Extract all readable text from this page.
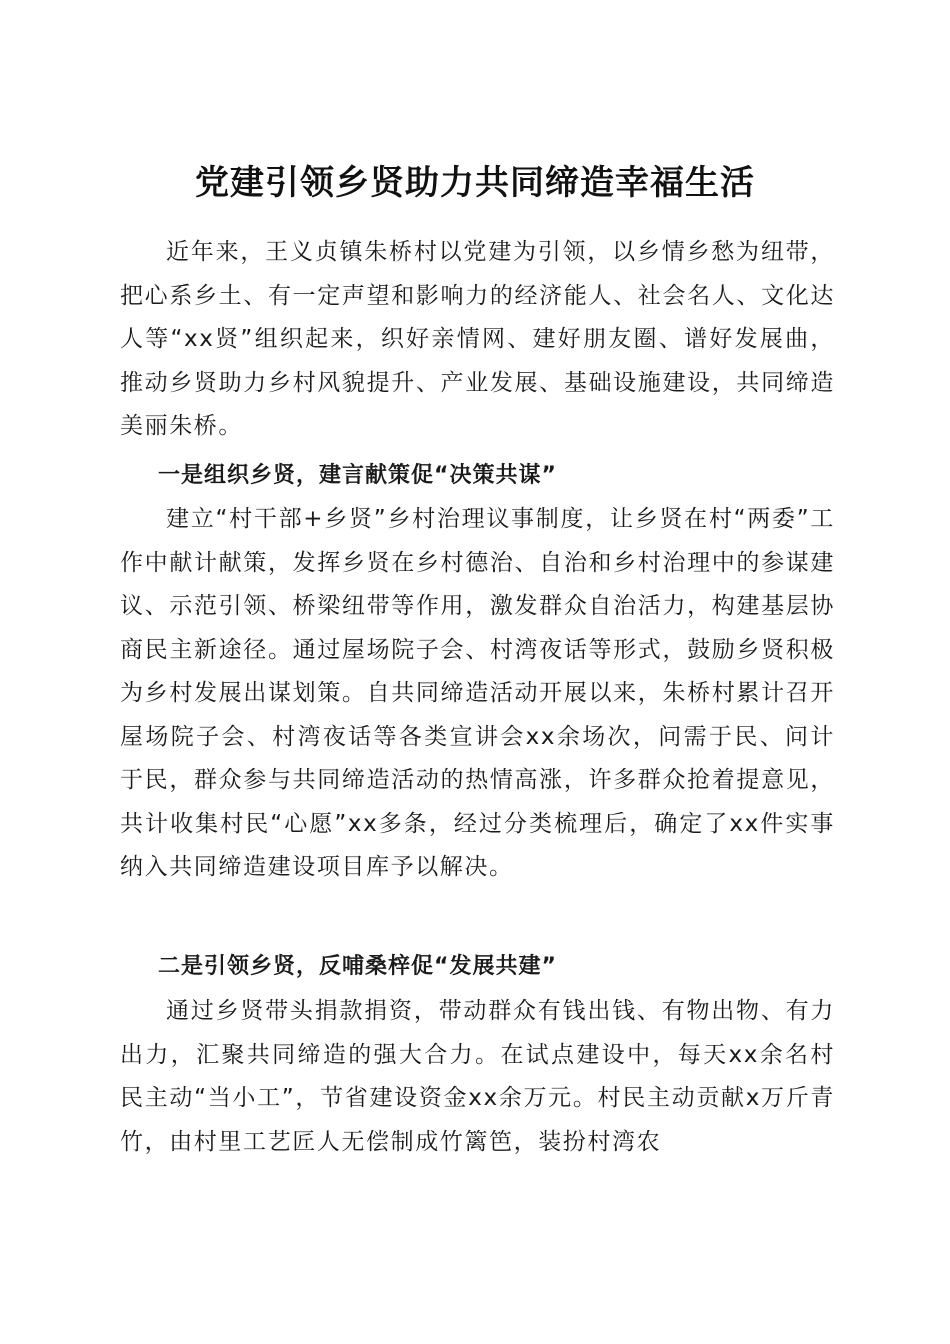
党建引领乡贤助力共同缔造幸福生活

近年来，王义贞镇朱桥村以党建为引领，以乡情乡愁为纽带，把心系乡土、有一定声望和影响力的经济能人、社会名人、文化达人等“xx贤”组织起来，织好亲情网、建好朋友圈、谱好发展曲，推动乡贤助力乡村风貌提升、产业发展、基础设施建设，共同缔造美丽朱桥。

一是组织乡贤，建言献策促“决策共谋”

建立“村干部+乡贤”乡村治理议事制度，让乡贤在村“两委”工作中献计献策，发挥乡贤在乡村德治、自治和乡村治理中的参谋建议、示范引领、桥梁纽带等作用，激发群众自治活力，构建基层协商民主新途径。通过屋场院子会、村湾夜话等形式，鼓励乡贤积极为乡村发展出谋划策。自共同缔造活动开展以来，朱桥村累计召开屋场院子会、村湾夜话等各类宣讲会xx余场次，问需于民、问计于民，群众参与共同缔造活动的热情高涨，许多群众抢着提意见，共计收集村民“心愿”xx多条，经过分类梳理后，确定了xx件实事纳入共同缔造建设项目库予以解决。

二是引领乡贤，反哺桑梓促“发展共建”

通过乡贤带头捐款捐资，带动群众有钱出钱、有物出物、有力出力，汇聚共同缔造的强大合力。在试点建设中，每天xx余名村民主动“当小工”，节省建设资金xx余万元。村民主动贡献x万斤青竹，由村里工艺匠人无偿制成竹篱笆，装扮村湾农
